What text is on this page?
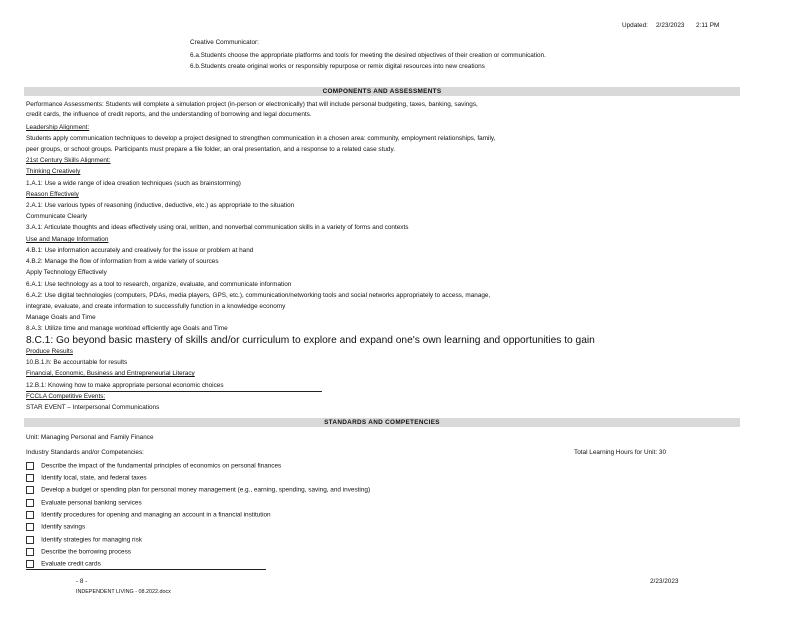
Updated: 2/23/2023 2:11 PM
Creative Communicator:
6.a.Students choose the appropriate platforms and tools for meeting the desired objectives of their creation or communication.
6.b.Students create original works or responsibly repurpose or remix digital resources into new creations
COMPONENTS AND ASSESSMENTS
Performance Assessments: Students will complete a simulation project (in-person or electronically) that will include personal budgeting, taxes, banking, savings,
credit cards, the influence of credit reports, and the understanding of borrowing and legal documents.
Leadership Alignment:
Students apply communication techniques to develop a project designed to strengthen communication in a chosen area: community, employment relationships, family,
peer groups, or school groups. Participants must prepare a file folder, an oral presentation, and a response to a related case study.
21st Century Skills Alignment:
Thinking Creatively
1.A.1: Use a wide range of idea creation techniques (such as brainstorming)
Reason Effectively
2.A.1: Use various types of reasoning (inductive, deductive, etc.) as appropriate to the situation
Communicate Clearly
3.A.1: Articulate thoughts and ideas effectively using oral, written, and nonverbal communication skills in a variety of forms and contexts
Use and Manage Information
4.B.1: Use information accurately and creatively for the issue or problem at hand
4.B.2: Manage the flow of information from a wide variety of sources
Apply Technology Effectively
6.A.1: Use technology as a tool to research, organize, evaluate, and communicate information
6.A.2: Use digital technologies (computers, PDAs, media players, GPS, etc.), communication/networking tools and social networks appropriately to access, manage,
integrate, evaluate, and create information to successfully function in a knowledge economy
Manage Goals and Time
8.A.3: Utilize time and manage workload efficiently age Goals and Time
8.C.1: Go beyond basic mastery of skills and/or curriculum to explore and expand one's own learning and opportunities to gain
Produce Results
10.B.1.h: Be accountable for results
Financial, Economic, Business and Entrepreneurial Literacy
12.B.1: Knowing how to make appropriate personal economic choices
FCCLA Competitive Events:
STAR EVENT – Interpersonal Communications
STANDARDS AND COMPETENCIES
Unit: Managing Personal and Family Finance
Industry Standards and/or Competencies:	Total Learning Hours for Unit: 30
Describe the impact of the fundamental principles of economics on personal finances
Identify local, state, and federal taxes
Develop a budget or spending plan for personal money management (e.g., earning, spending, saving, and investing)
Evaluate personal banking services
Identify procedures for opening and managing an account in a financial institution
Identify savings
Identify strategies for managing risk
Describe the borrowing process
Evaluate credit cards
- 8 -
INDEPENDENT LIVING - 08.2022.docx
2/23/2023
